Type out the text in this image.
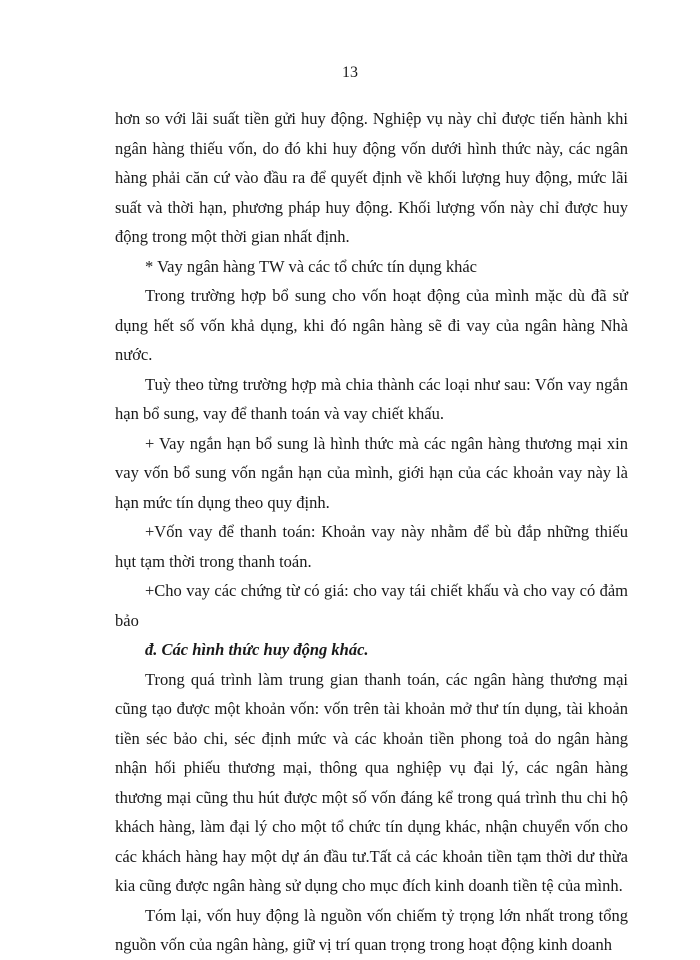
13

hơn so với lãi suất tiền gửi huy động. Nghiệp vụ này chỉ được tiến hành khi ngân hàng thiếu vốn, do đó khi huy động vốn dưới hình thức này, các ngân hàng phải căn cứ vào đầu ra để quyết định về khối lượng huy động, mức lãi suất và thời hạn, phương pháp huy động. Khối lượng vốn này chỉ được huy động trong một thời gian nhất định.

* Vay ngân hàng TW và các tổ chức tín dụng khác

Trong trường hợp bổ sung cho vốn hoạt động của mình mặc dù đã sử dụng hết số vốn khả dụng, khi đó ngân hàng sẽ đi vay của ngân hàng Nhà nước.

Tuỳ theo từng trường hợp mà chia thành các loại như sau: Vốn vay ngắn hạn bổ sung, vay để thanh toán và vay chiết khấu.

+ Vay ngắn hạn bổ sung là hình thức mà các ngân hàng thương mại xin vay vốn bổ sung vốn ngắn hạn của mình, giới hạn của các khoản vay này là hạn mức tín dụng theo quy định.

+Vốn vay để thanh toán: Khoản vay này nhằm để bù đắp những thiếu hụt tạm thời trong thanh toán.

+Cho vay các chứng từ có giá: cho vay tái chiết khấu và cho vay có đảm bảo

đ. Các hình thức huy động khác.

Trong quá trình làm trung gian thanh toán, các ngân hàng thương mại cũng tạo được một khoản vốn: vốn trên tài khoản mở thư tín dụng, tài khoản tiền séc bảo chi, séc định mức và các khoản tiền phong toả do ngân hàng nhận hối phiếu thương mại, thông qua nghiệp vụ đại lý, các ngân hàng thương mại cũng thu hút được một số vốn đáng kể trong quá trình thu chi hộ khách hàng, làm đại lý cho một tổ chức tín dụng khác, nhận chuyển vốn cho các khách hàng hay một dự án đầu tư.Tất cả các khoản tiền tạm thời dư thừa kia cũng được ngân hàng sử dụng cho mục đích kinh doanh tiền tệ của mình.

Tóm lại, vốn huy động là nguồn vốn chiếm tỷ trọng lớn nhất trong tổng nguồn vốn của ngân hàng, giữ vị trí quan trọng trong hoạt động kinh doanh
